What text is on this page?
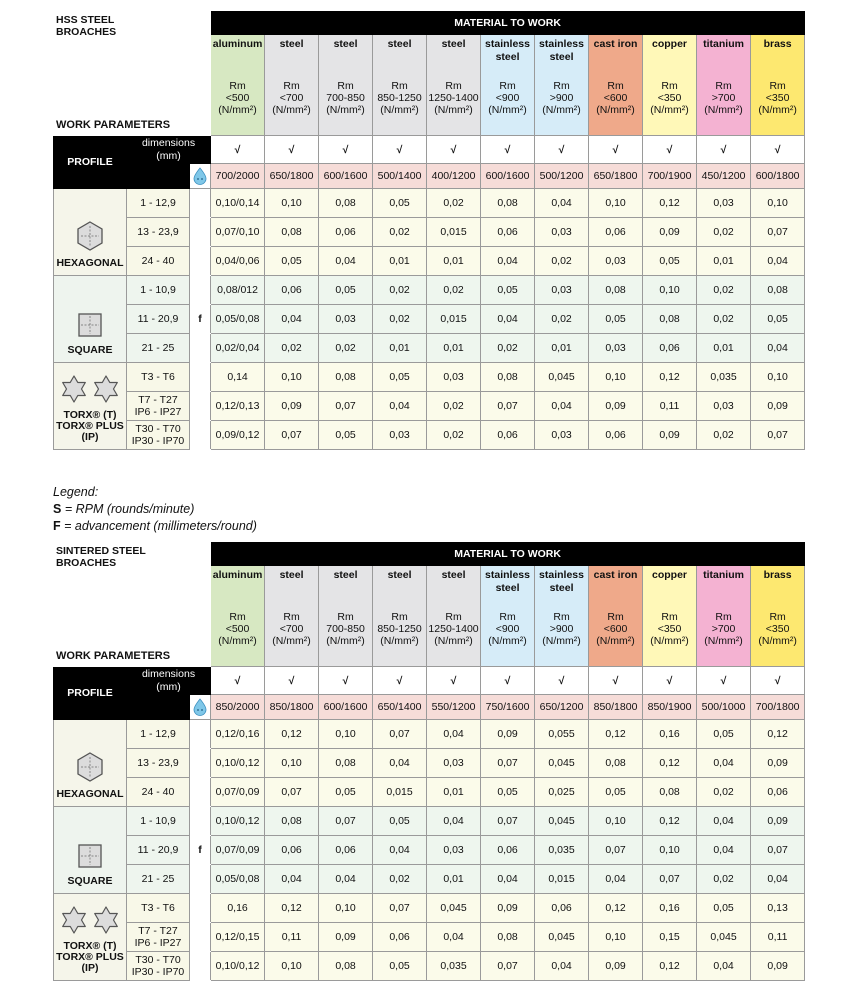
HSS STEEL
BROACHES
WORK PARAMETERS			MATERIAL TO WORK										

			aluminum
Rm
<500
(N/mm²)	steel
Rm
<700
(N/mm²)	steel
Rm
700-850
(N/mm²)	steel
Rm
850-1250
(N/mm²)	steel
Rm
1250-1400
(N/mm²)	stainless steel
Rm
<900
(N/mm²)	stainless steel
Rm
>900
(N/mm²)	cast iron
Rm
<600
(N/mm²)	copper
Rm
<350
(N/mm²)	titanium
Rm
>700
(N/mm²)	brass
Rm
<350
(N/mm²)

PROFILE	dimensions
(mm)		√	√	√	√	√	√	√	√	√	√	√

	700/2000	650/1800	600/1600	500/1400	400/1200	600/1600	500/1200	650/1800	700/1900	450/1200	600/1800

HEXAGONAL	1 - 12,9		0,10/0,14	0,10	0,08	0,05	0,02	0,08	0,04	0,10	0,12	0,03	0,10
	13 - 23,9		0,07/0,10	0,08	0,06	0,02	0,015	0,06	0,03	0,06	0,09	0,02	0,07
	24 - 40		0,04/0,06	0,05	0,04	0,01	0,01	0,04	0,02	0,03	0,05	0,01	0,04

SQUARE	1 - 10,9		0,08/012	0,06	0,05	0,02	0,02	0,05	0,03	0,08	0,10	0,02	0,08
	11 - 20,9	f	0,05/0,08	0,04	0,03	0,02	0,015	0,04	0,02	0,05	0,08	0,02	0,05
	21 - 25		0,02/0,04	0,02	0,02	0,01	0,01	0,02	0,01	0,03	0,06	0,01	0,04

TORX® (T)
TORX® PLUS (IP)	T3 - T6		0,14	0,10	0,08	0,05	0,03	0,08	0,045	0,10	0,12	0,035	0,10
	T7 - T27
IP6 - IP27		0,12/0,13	0,09	0,07	0,04	0,02	0,07	0,04	0,09	0,11	0,03	0,09
	T30 - T70
IP30 - IP70		0,09/0,12	0,07	0,05	0,03	0,02	0,06	0,03	0,06	0,09	0,02	0,07
Legend:
S = RPM (rounds/minute)
F = advancement (millimeters/round)
SINTERED STEEL
BROACHES
WORK PARAMETERS			MATERIAL TO WORK										

			aluminum
Rm
<500
(N/mm²)	steel
Rm
<700
(N/mm²)	steel
Rm
700-850
(N/mm²)	steel
Rm
850-1250
(N/mm²)	steel
Rm
1250-1400
(N/mm²)	stainless steel
Rm
<900
(N/mm²)	stainless steel
Rm
>900
(N/mm²)	cast iron
Rm
<600
(N/mm²)	copper
Rm
<350
(N/mm²)	titanium
Rm
>700
(N/mm²)	brass
Rm
<350
(N/mm²)

PROFILE	dimensions
(mm)		√	√	√	√	√	√	√	√	√	√	√

	850/2000	850/1800	600/1600	650/1400	550/1200	750/1600	650/1200	850/1800	850/1900	500/1000	700/1800

HEXAGONAL	1 - 12,9		0,12/0,16	0,12	0,10	0,07	0,04	0,09	0,055	0,12	0,16	0,05	0,12
	13 - 23,9		0,10/0,12	0,10	0,08	0,04	0,03	0,07	0,045	0,08	0,12	0,04	0,09
	24 - 40		0,07/0,09	0,07	0,05	0,015	0,01	0,05	0,025	0,05	0,08	0,02	0,06

SQUARE	1 - 10,9		0,10/0,12	0,08	0,07	0,05	0,04	0,07	0,045	0,10	0,12	0,04	0,09
	11 - 20,9	f	0,07/0,09	0,06	0,06	0,04	0,03	0,06	0,035	0,07	0,10	0,04	0,07
	21 - 25		0,05/0,08	0,04	0,04	0,02	0,01	0,04	0,015	0,04	0,07	0,02	0,04

TORX® (T)
TORX® PLUS (IP)	T3 - T6		0,16	0,12	0,10	0,07	0,045	0,09	0,06	0,12	0,16	0,05	0,13
	T7 - T27
IP6 - IP27		0,12/0,15	0,11	0,09	0,06	0,04	0,08	0,045	0,10	0,15	0,045	0,11
	T30 - T70
IP30 - IP70		0,10/0,12	0,10	0,08	0,05	0,035	0,07	0,04	0,09	0,12	0,04	0,09
